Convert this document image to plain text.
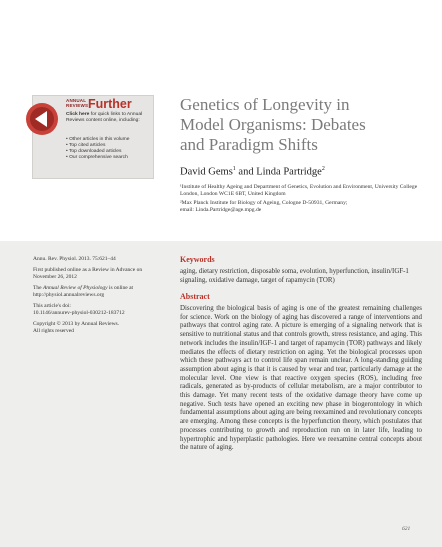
ANNUAL
REVIEWS Further
Click here for quick links to Annual Reviews content online, including:
• Other articles in this volume
• Top cited articles
• Top downloaded articles
• Our comprehensive search
Genetics of Longevity in
Model Organisms: Debates
and Paradigm Shifts
David Gems$^1$ and Linda Partridge$^2$

¹Institute of Healthy Ageing and Department of Genetics, Evolution and Environment, University College London, London WC1E 6BT, United Kingdom

²Max Planck Institute for Biology of Ageing, Cologne D-50931, Germany;
email: Linda.Partridge@age.mpg.de

Annu. Rev. Physiol. 2013. 75:621–44

First published online as a Review in Advance on November 26, 2012

The Annual Review of Physiology is online at http://physiol.annualreviews.org

This article's doi:
10.1146/annurev-physiol-030212-183712

Copyright © 2013 by Annual Reviews.
All rights reserved

Keywords
aging, dietary restriction, disposable soma, evolution, hyperfunction, insulin/IGF-1 signaling, oxidative damage, target of rapamycin (TOR)
Abstract
Discovering the biological basis of aging is one of the greatest remaining challenges for science. Work on the biology of aging has discovered a range of interventions and pathways that control aging rate. A picture is emerging of a signaling network that is sensitive to nutritional status and that controls growth, stress resistance, and aging. This network includes the insulin/IGF-1 and target of rapamycin (TOR) pathways and likely mediates the effects of dietary restriction on aging. Yet the biological processes upon which these pathways act to control life span remain unclear. A long-standing guiding assumption about aging is that it is caused by wear and tear, particularly damage at the molecular level. One view is that reactive oxygen species (ROS), including free radicals, generated as by-products of cellular metabolism, are a major contributor to this damage. Yet many recent tests of the oxidative damage theory have come up negative. Such tests have opened an exciting new phase in biogerontology in which fundamental assumptions about aging are being reexamined and revolutionary concepts are emerging. Among these concepts is the hyperfunction theory, which postulates that processes contributing to growth and reproduction run on in later life, leading to hypertrophic and hyperplastic pathologies. Here we reexamine central concepts about the nature of aging.
621
